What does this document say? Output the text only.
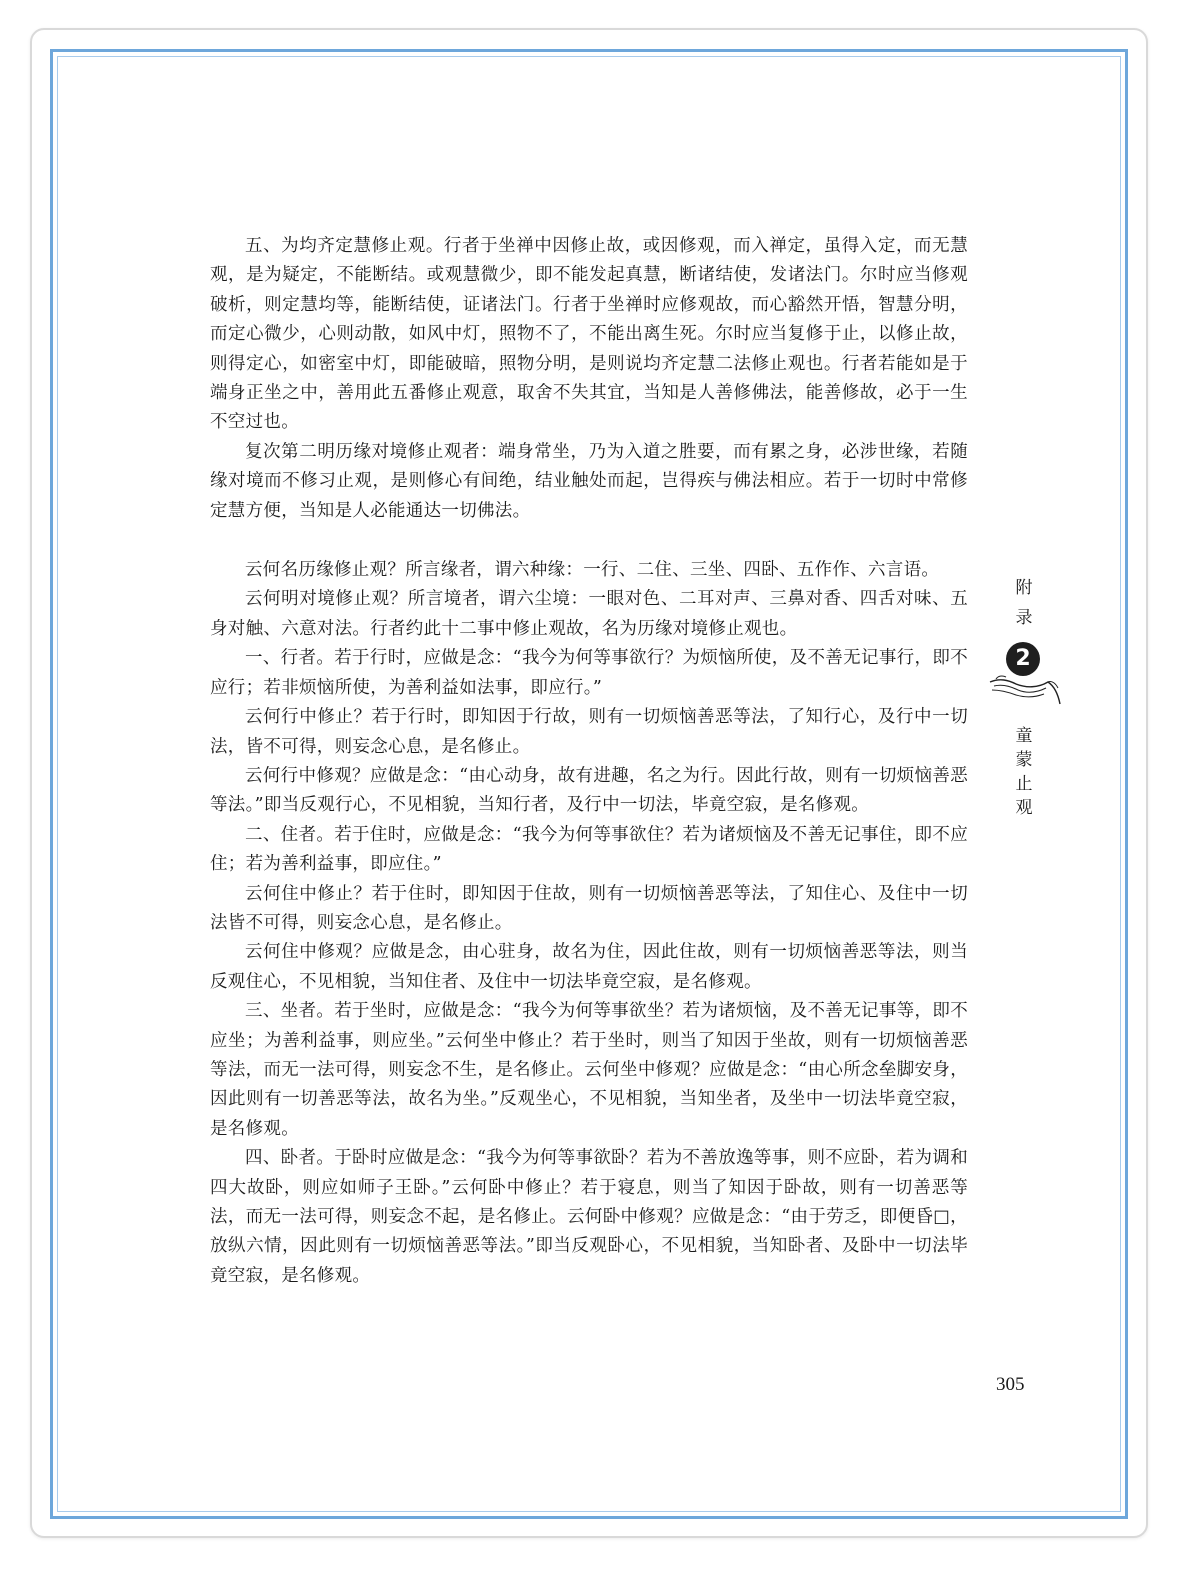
五、为均齐定慧修止观。行者于坐禅中因修止故，或因修观，而入禅定，虽得入定，而无慧观，是为疑定，不能断结。或观慧微少，即不能发起真慧，断诸结使，发诸法门。尔时应当修观破析，则定慧均等，能断结使，证诸法门。行者于坐禅时应修观故，而心豁然开悟，智慧分明，而定心微少，心则动散，如风中灯，照物不了，不能出离生死。尔时应当复修于止，以修止故，则得定心，如密室中灯，即能破暗，照物分明，是则说均齐定慧二法修止观也。行者若能如是于端身正坐之中，善用此五番修止观意，取舍不失其宜，当知是人善修佛法，能善修故，必于一生不空过也。

复次第二明历缘对境修止观者：端身常坐，乃为入道之胜要，而有累之身，必涉世缘，若随缘对境而不修习止观，是则修心有间绝，结业触处而起，岂得疾与佛法相应。若于一切时中常修定慧方便，当知是人必能通达一切佛法。

云何名历缘修止观？所言缘者，谓六种缘：一行、二住、三坐、四卧、五作作、六言语。

云何明对境修止观？所言境者，谓六尘境：一眼对色、二耳对声、三鼻对香、四舌对味、五身对触、六意对法。行者约此十二事中修止观故，名为历缘对境修止观也。

一、行者。若于行时，应做是念：“我今为何等事欲行？为烦恼所使，及不善无记事行，即不应行；若非烦恼所使，为善利益如法事，即应行。”

云何行中修止？若于行时，即知因于行故，则有一切烦恼善恶等法，了知行心，及行中一切法，皆不可得，则妄念心息，是名修止。

云何行中修观？应做是念：“由心动身，故有进趣，名之为行。因此行故，则有一切烦恼善恶等法。”即当反观行心，不见相貌，当知行者，及行中一切法，毕竟空寂，是名修观。

二、住者。若于住时，应做是念：“我今为何等事欲住？若为诸烦恼及不善无记事住，即不应住；若为善利益事，即应住。”

云何住中修止？若于住时，即知因于住故，则有一切烦恼善恶等法，了知住心、及住中一切法皆不可得，则妄念心息，是名修止。

云何住中修观？应做是念，由心驻身，故名为住，因此住故，则有一切烦恼善恶等法，则当反观住心，不见相貌，当知住者、及住中一切法毕竟空寂，是名修观。

三、坐者。若于坐时，应做是念：“我今为何等事欲坐？若为诸烦恼，及不善无记事等，即不应坐；为善利益事，则应坐。”云何坐中修止？若于坐时，则当了知因于坐故，则有一切烦恼善恶等法，而无一法可得，则妄念不生，是名修止。云何坐中修观？应做是念：“由心所念垒脚安身，因此则有一切善恶等法，故名为坐。”反观坐心，不见相貌，当知坐者，及坐中一切法毕竟空寂，是名修观。

四、卧者。于卧时应做是念：“我今为何等事欲卧？若为不善放逸等事，则不应卧，若为调和四大故卧，则应如师子王卧。”云何卧中修止？若于寝息，则当了知因于卧故，则有一切善恶等法，而无一法可得，则妄念不起，是名修止。云何卧中修观？应做是念：“由于劳乏，即便昏□，放纵六情，因此则有一切烦恼善恶等法。”即当反观卧心，不见相貌，当知卧者、及卧中一切法毕竟空寂，是名修观。

附
录
2
童
蒙
止
观
305
